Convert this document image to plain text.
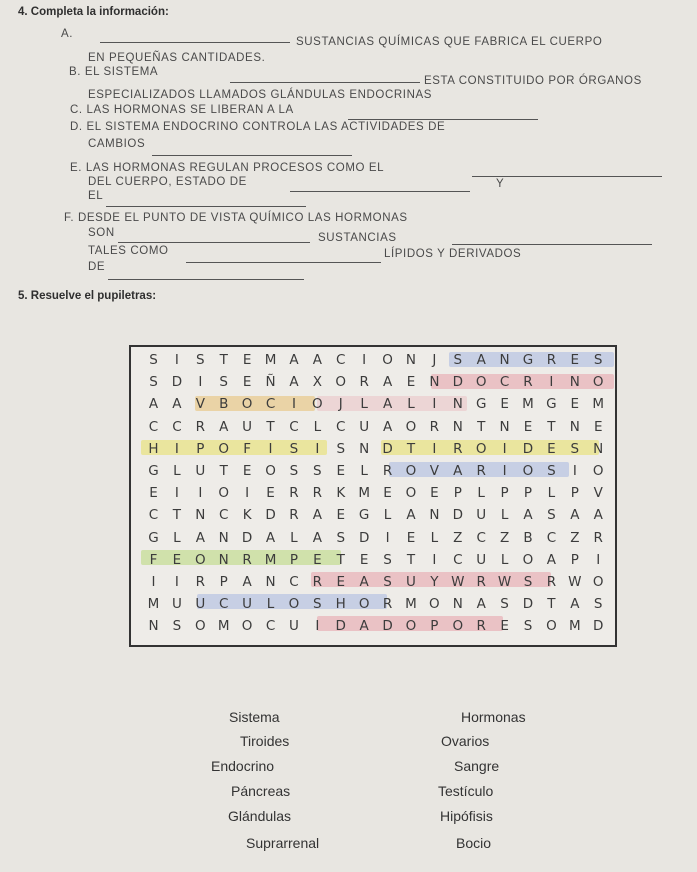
4. Completa la información:
A.
SUSTANCIAS QUÍMICAS QUE FABRICA EL CUERPO
EN PEQUEÑAS CANTIDADES.
B. EL SISTEMA
ESTA CONSTITUIDO POR ÓRGANOS
ESPECIALIZADOS LLAMADOS GLÁNDULAS ENDOCRINAS
C. LAS HORMONAS SE LIBERAN A LA
D. EL SISTEMA ENDOCRINO CONTROLA LAS ACTIVIDADES DE
CAMBIOS
E. LAS HORMONAS REGULAN PROCESOS COMO EL
DEL CUERPO, ESTADO DE	Y
EL
F. DESDE EL PUNTO DE VISTA QUÍMICO LAS HORMONAS
SON	SUSTANCIAS
TALES COMO	LÍPIDOS Y DERIVADOS
DE
5. Resuelve el pupiletras:
S	I	S	T	E M A	A	C	I	O N	J	S	A	N G R	E	S
S	D	I	S	E	Ñ	A	X O R	A	E	N D O C	R	I	N O
A	A	V	B O C	I	O	J	L	A	L	I	N G	E M G	E M
C	C	R	A	U	T	C	L	C	U	A O R	N	T	N	E	T	N	E
H	I	P	O	F	I	S	I	S	N D	T	I	R O	I	D	E	S	N
G	L	U	T	E	O	S	S	E	L	R O V	A	R	I	O	S	I	O
E	I	I	O	I	E	R	R	K M E	O	E	P	L	P	P	L	P	V
C	T	N	C	K	D	R	A	E	G	L	A	N D U	L	A	S	A	A
G	L	A	N D	A	L	A	S	D	I	E	L	Z	C	Z	B	C	Z	R
F	E	O N	R M	P	E	T	E	S	T	I	C	U	L	O A	P	I
I	I	R	P	A	N	C	R	E	A	S	U	Y W R W S	R W O
M U	U	C	U	L	O	S	H O R M O N	A	S	D	T	A	S
N	S	O M O C	U	I	D	A	D O	P	O R	E	S	O M D
Sistema
Tiroides
Endocrino
Páncreas
Glándulas
Suprarrenal
Hormonas
Ovarios
Sangre
Testículo
Hipófisis
Bocio
